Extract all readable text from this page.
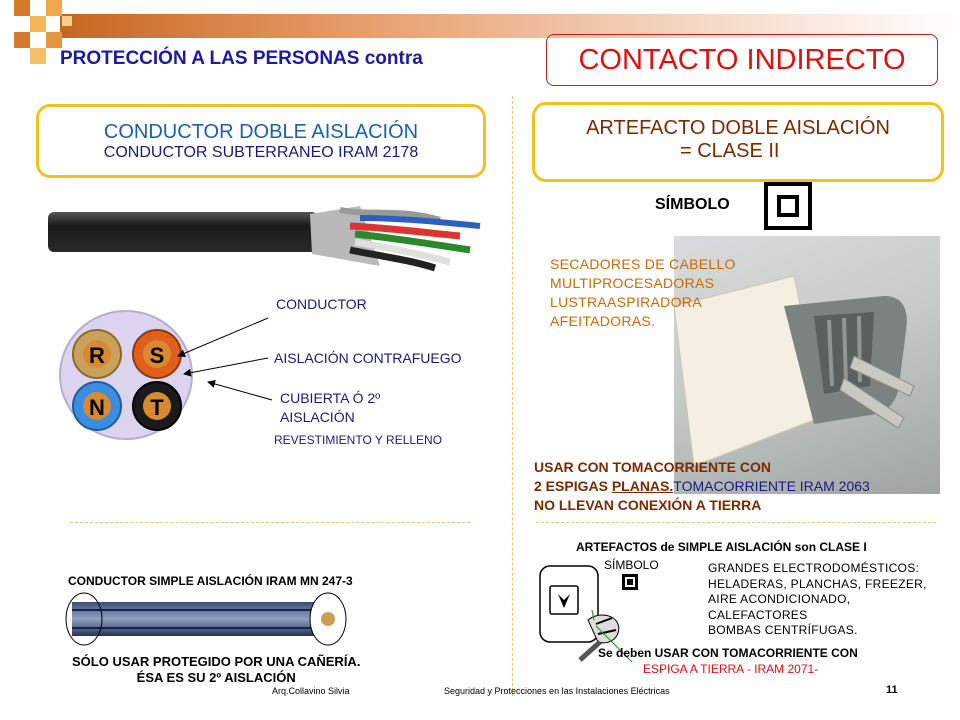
PROTECCIÓN A LAS PERSONAS contra	CONTACTO INDIRECTO
CONDUCTOR DOBLE AISLACIÓN
CONDUCTOR SUBTERRANEO IRAM 2178
R S
N T
CONDUCTOR
AISLACIÓN CONTRAFUEGO
CUBIERTA Ó 2º
AISLACIÓN
REVESTIMIENTO Y RELLENO
CONDUCTOR SIMPLE AISLACIÓN IRAM MN 247-3
SÓLO USAR PROTEGIDO POR UNA CAÑERÍA.
ÉSA ES SU 2º AISLACIÓN
ARTEFACTO DOBLE AISLACIÓN
= CLASE II
SÍMBOLO
SECADORES DE CABELLO
MULTIPROCESADORAS
LUSTRAASPIRADORA
AFEITADORAS.
USAR CON TOMACORRIENTE CON
2 ESPIGAS PLANAS.TOMACORRIENTE IRAM 2063
NO LLEVAN CONEXIÓN A TIERRA
ARTEFACTOS de SIMPLE AISLACIÓN son CLASE I
SÍMBOLO	GRANDES ELECTRODOMÉSTICOS:
HELADERAS, PLANCHAS, FREEZER,
AIRE ACONDICIONADO,
CALEFACTORES
BOMBAS CENTRÍFUGAS.
Se deben USAR CON TOMACORRIENTE CON
ESPIGA A TIERRA - IRAM 2071-
Arq.Collavino Silvia	Seguridad y Protecciones en las Instalaciones Eléctricas	11
